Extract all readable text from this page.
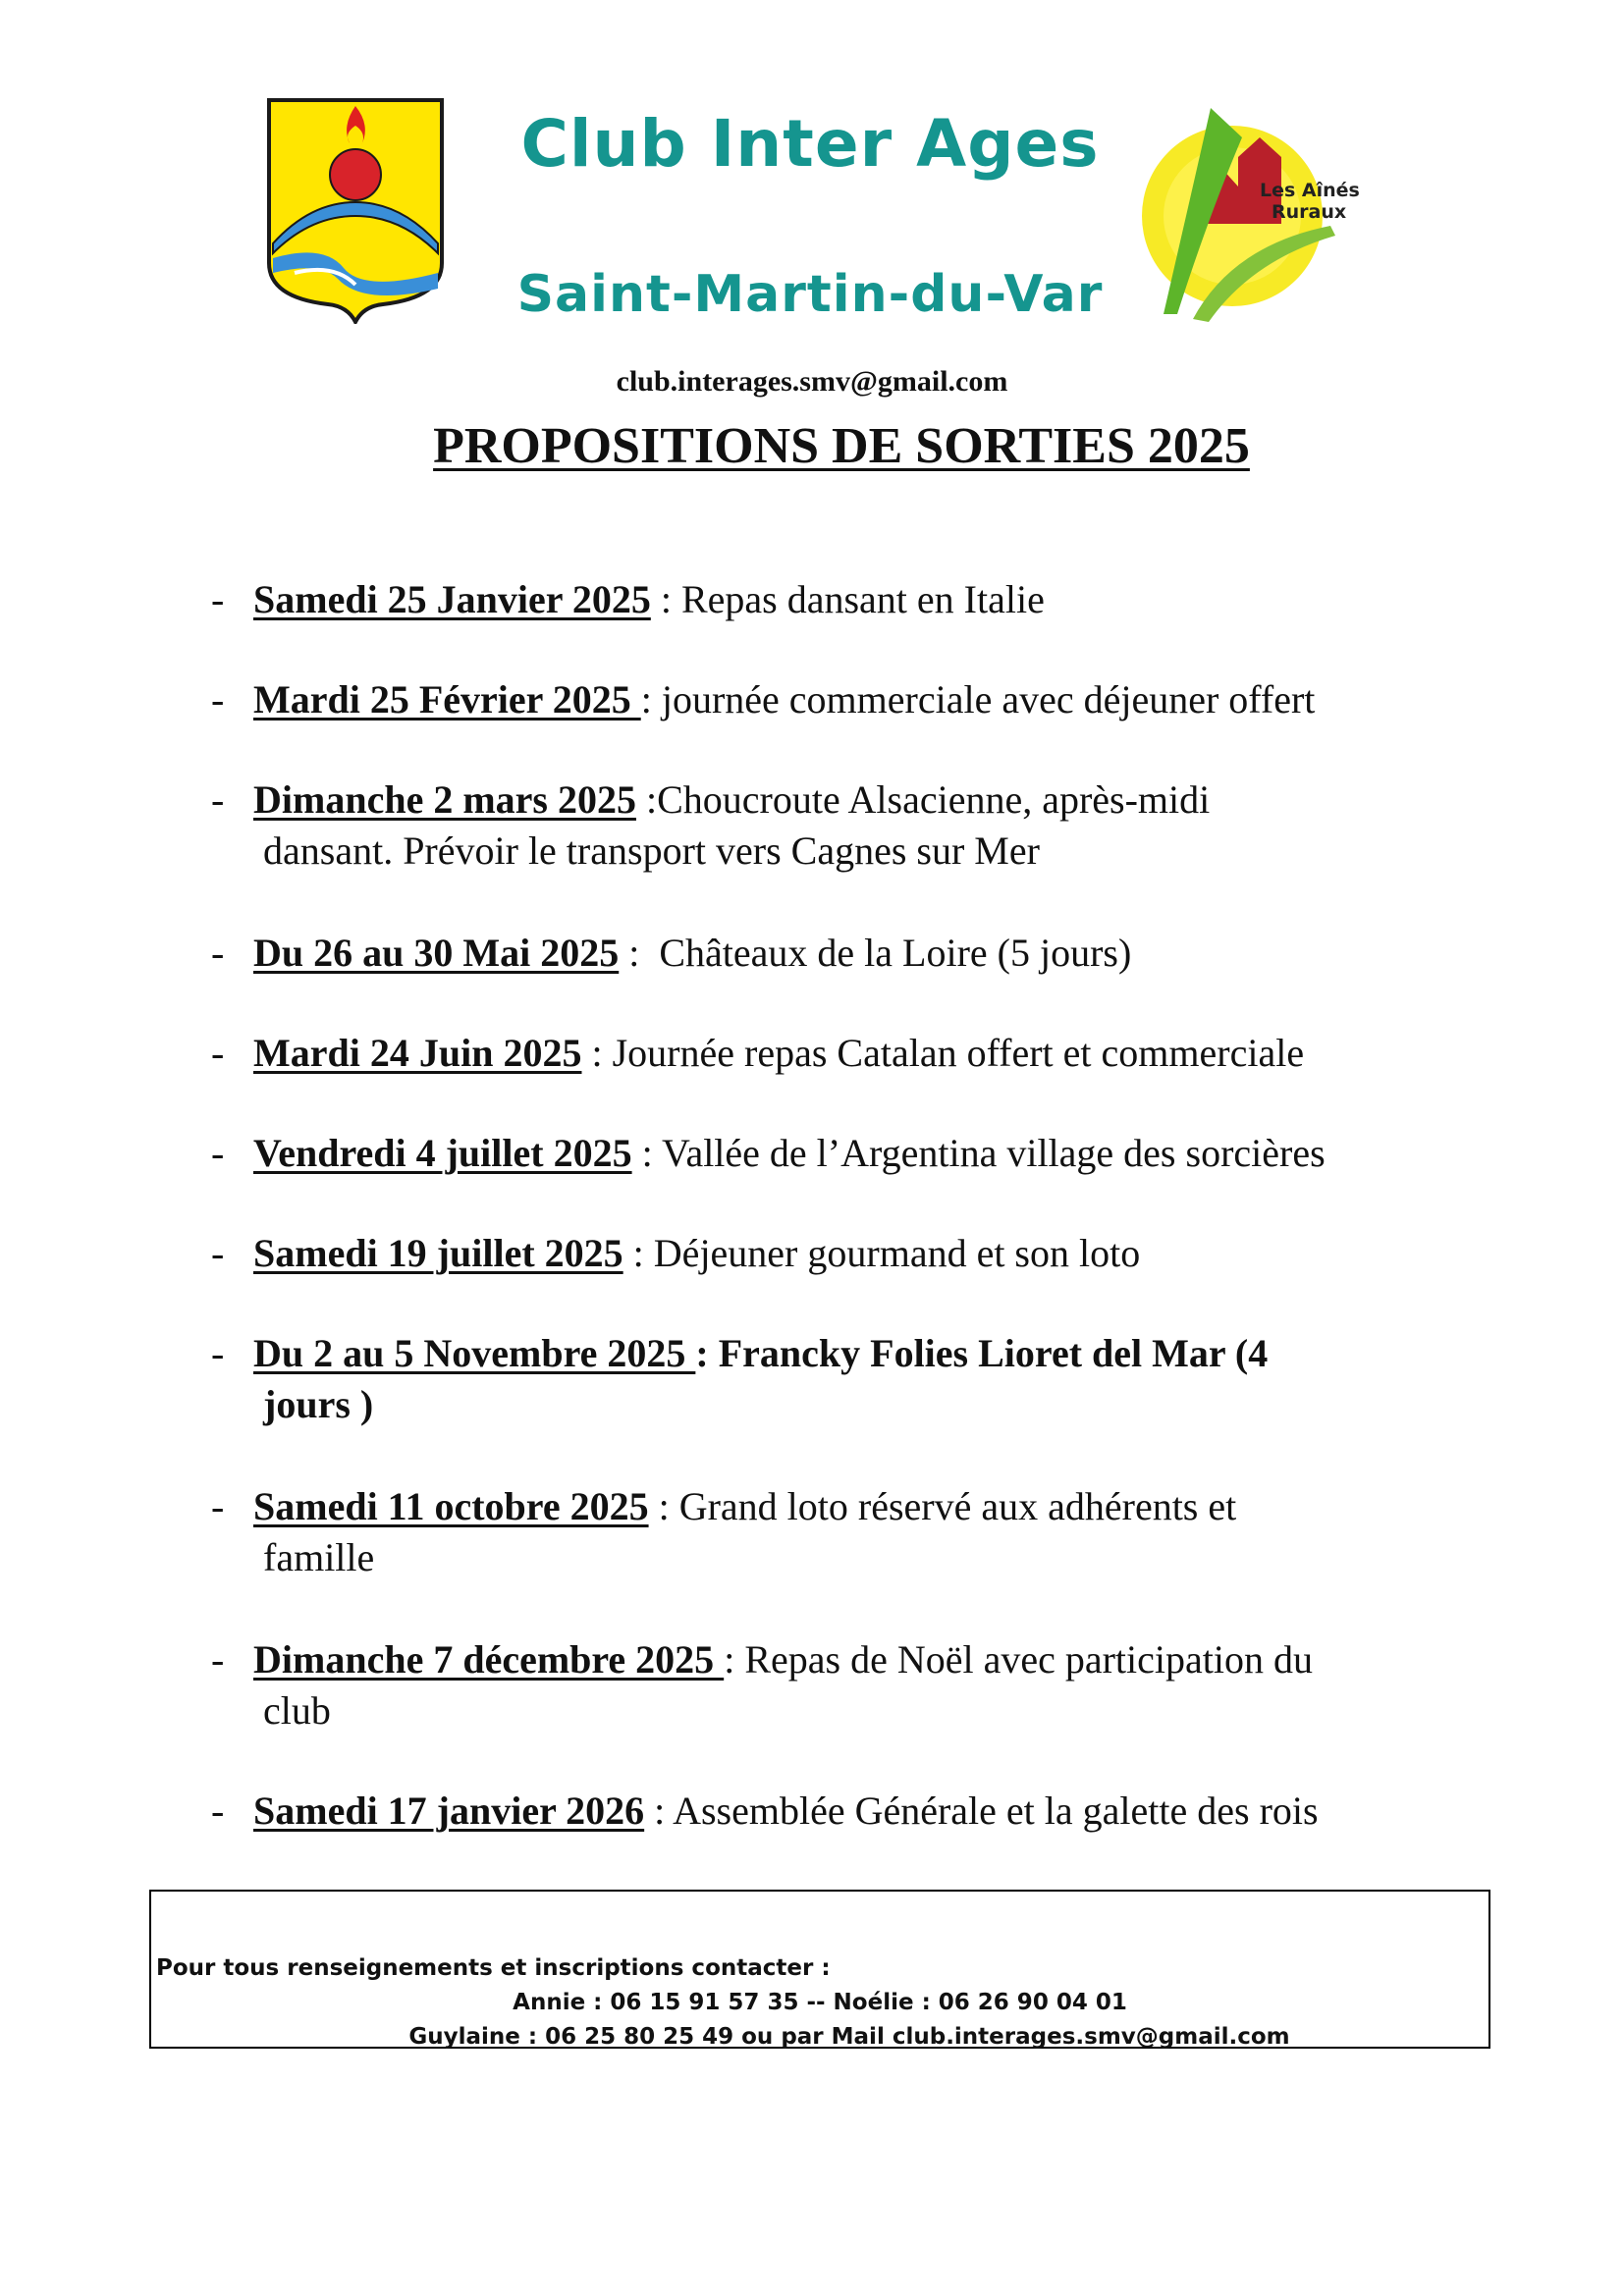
Club Inter Ages
Saint-Martin-du-Var
Les Aînés
Ruraux
club.interages.smv@gmail.com
PROPOSITIONS DE SORTIES 2025
- Samedi 25 Janvier 2025 : Repas dansant en Italie
- Mardi 25 Février 2025 : journée commerciale avec déjeuner offert
- Dimanche 2 mars 2025 :Choucroute Alsacienne, après-midi
dansant. Prévoir le transport vers Cagnes sur Mer
- Du 26 au 30 Mai 2025 :  Châteaux de la Loire (5 jours)
- Mardi 24 Juin 2025 : Journée repas Catalan offert et commerciale
- Vendredi 4 juillet 2025 : Vallée de l’Argentina village des sorcières
- Samedi 19 juillet 2025 : Déjeuner gourmand et son loto
- Du 2 au 5 Novembre 2025 : Francky Folies Lioret del Mar (4
jours )
- Samedi 11 octobre 2025 : Grand loto réservé aux adhérents et
famille
- Dimanche 7 décembre 2025 : Repas de Noël avec participation du
club
- Samedi 17 janvier 2026 : Assemblée Générale et la galette des rois
Pour tous renseignements et inscriptions contacter :
Annie : 06 15 91 57 35 -- Noélie : 06 26 90 04 01
Guylaine : 06 25 80 25 49 ou par Mail club.interages.smv@gmail.com
